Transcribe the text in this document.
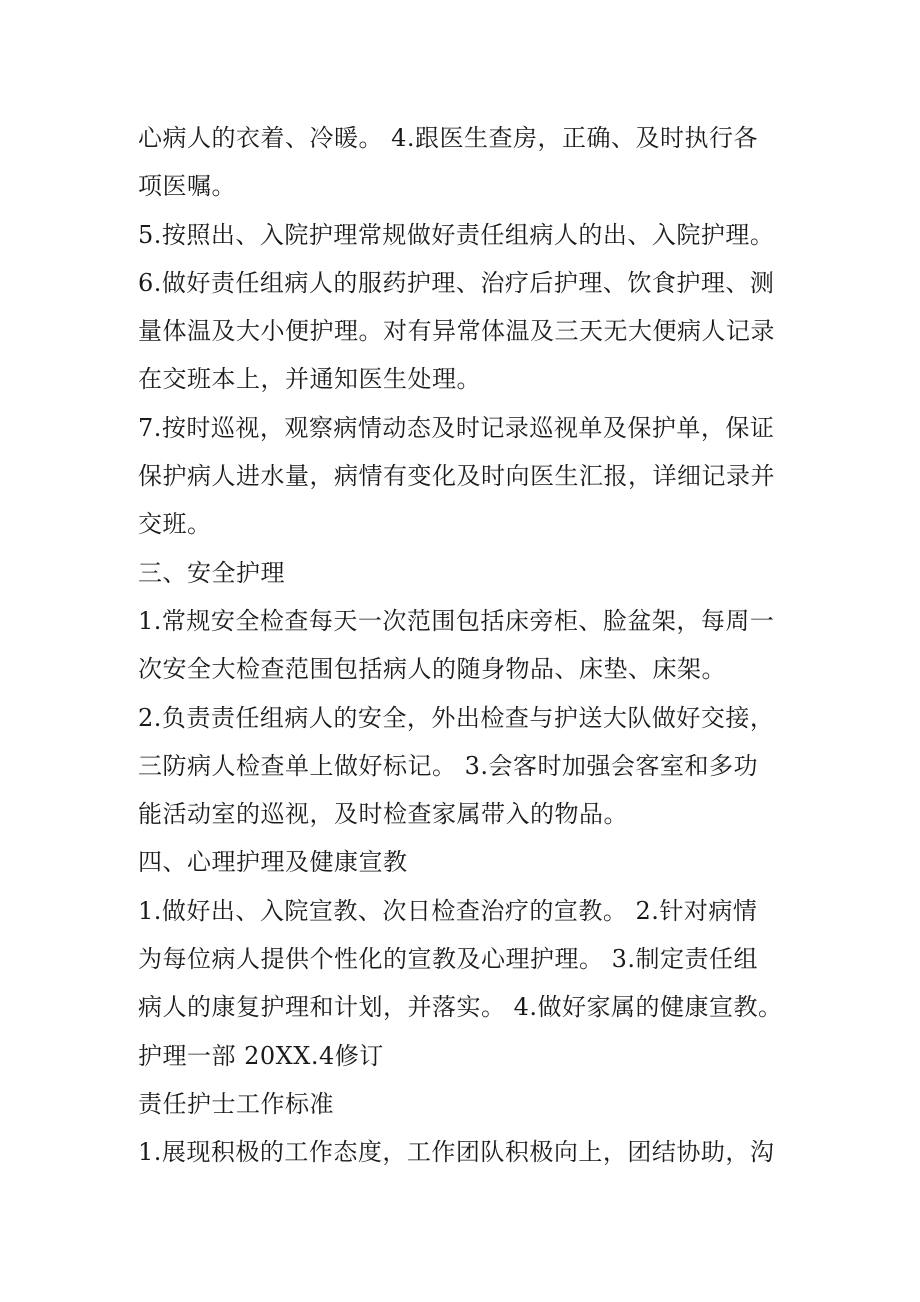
心病人的衣着、冷暖。 4.跟医生查房，正确、及时执行各
项医嘱。
5.按照出、入院护理常规做好责任组病人的出、入院护理。
6.做好责任组病人的服药护理、治疗后护理、饮食护理、测
量体温及大小便护理。对有异常体温及三天无大便病人记录
在交班本上，并通知医生处理。
7.按时巡视，观察病情动态及时记录巡视单及保护单，保证
保护病人进水量，病情有变化及时向医生汇报，详细记录并
交班。
三、安全护理
1.常规安全检查每天一次范围包括床旁柜、脸盆架，每周一
次安全大检查范围包括病人的随身物品、床垫、床架。
2.负责责任组病人的安全，外出检查与护送大队做好交接，
三防病人检查单上做好标记。 3.会客时加强会客室和多功
能活动室的巡视，及时检查家属带入的物品。
四、心理护理及健康宣教
1.做好出、入院宣教、次日检查治疗的宣教。 2.针对病情
为每位病人提供个性化的宣教及心理护理。 3.制定责任组
病人的康复护理和计划，并落实。 4.做好家属的健康宣教。
护理一部 20XX.4修订
责任护士工作标准
1.展现积极的工作态度，工作团队积极向上，团结协助，沟
